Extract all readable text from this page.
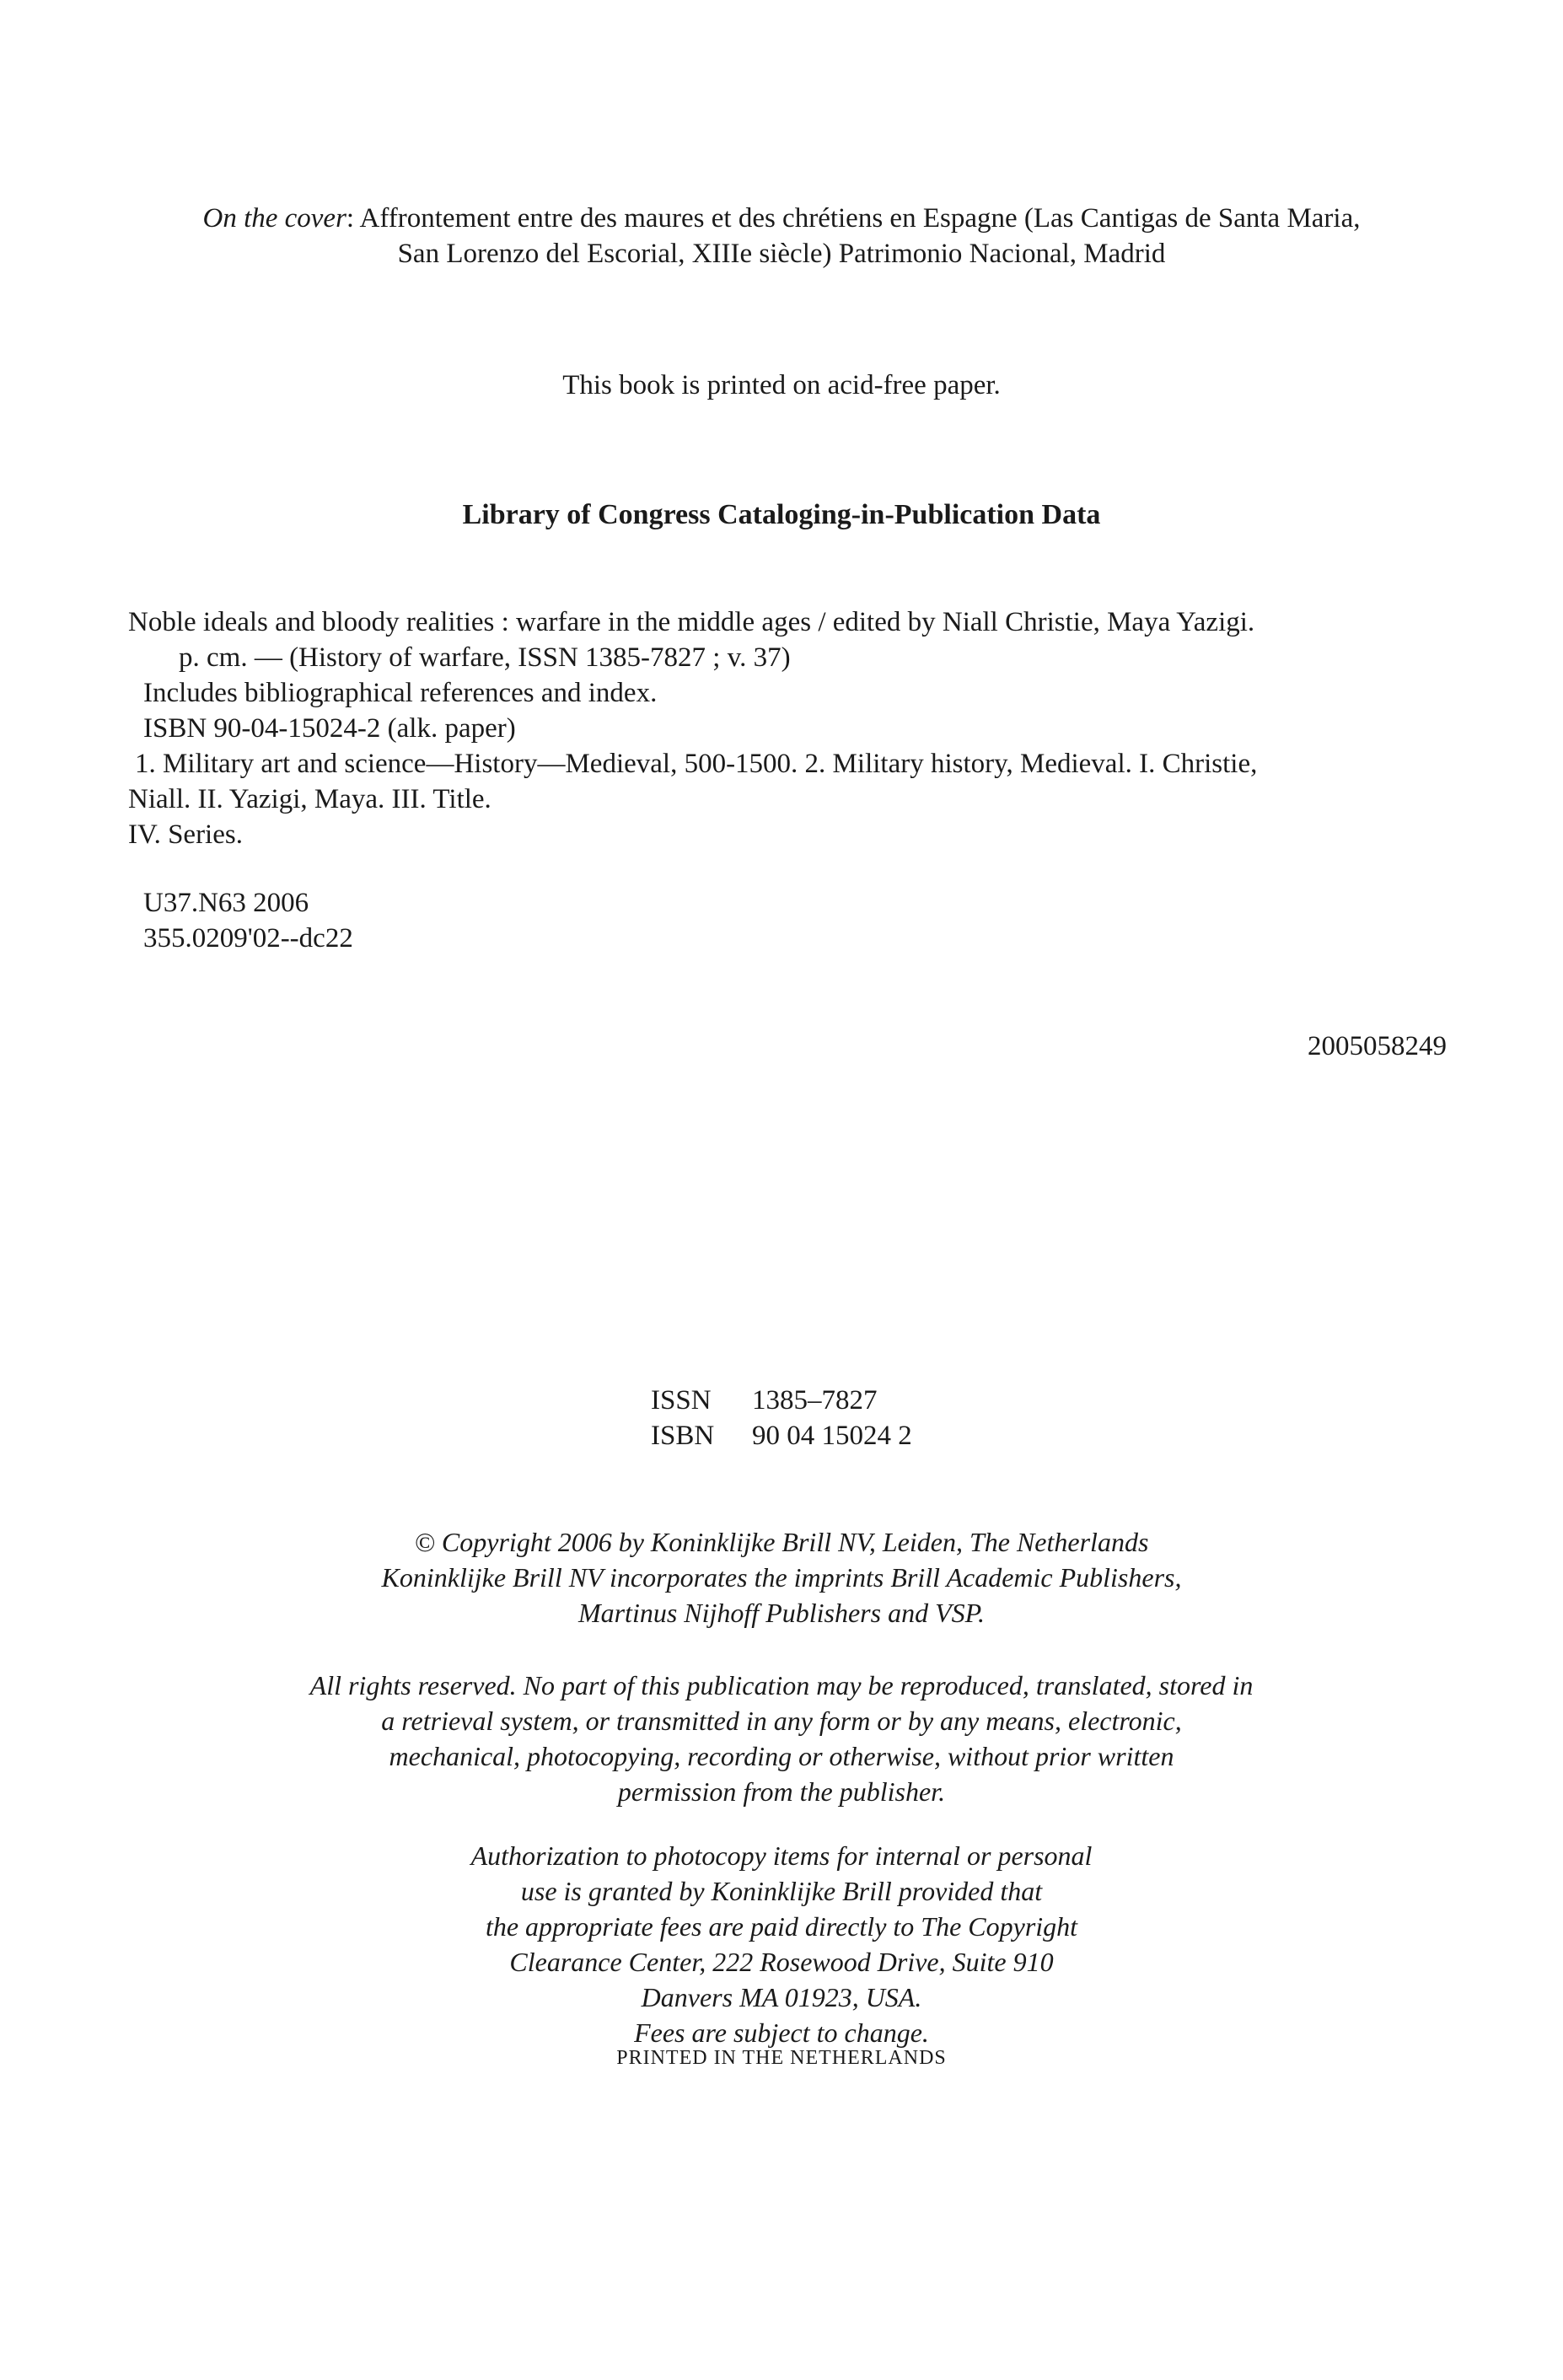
On the cover: Affrontement entre des maures et des chrétiens en Espagne (Las Cantigas de Santa Maria,
San Lorenzo del Escorial, XIIIe siècle) Patrimonio Nacional, Madrid
This book is printed on acid-free paper.
Library of Congress Cataloging-in-Publication Data
Noble ideals and bloody realities : warfare in the middle ages / edited by Niall Christie, Maya Yazigi.
p. cm. — (History of warfare, ISSN 1385-7827 ; v. 37)
Includes bibliographical references and index.
ISBN 90-04-15024-2 (alk. paper)
1. Military art and science—History—Medieval, 500-1500. 2. Military history, Medieval. I. Christie,
Niall. II. Yazigi, Maya. III. Title.
IV. Series.
U37.N63 2006
355.0209'02--dc22
2005058249
ISSN 1385–7827
ISBN 90 04 15024 2
© Copyright 2006 by Koninklijke Brill NV, Leiden, The Netherlands
Koninklijke Brill NV incorporates the imprints Brill Academic Publishers,
Martinus Nijhoff Publishers and VSP.
All rights reserved. No part of this publication may be reproduced, translated, stored in
a retrieval system, or transmitted in any form or by any means, electronic,
mechanical, photocopying, recording or otherwise, without prior written
permission from the publisher.
Authorization to photocopy items for internal or personal
use is granted by Koninklijke Brill provided that
the appropriate fees are paid directly to The Copyright
Clearance Center, 222 Rosewood Drive, Suite 910
Danvers MA 01923, USA.
Fees are subject to change.
PRINTED IN THE NETHERLANDS
